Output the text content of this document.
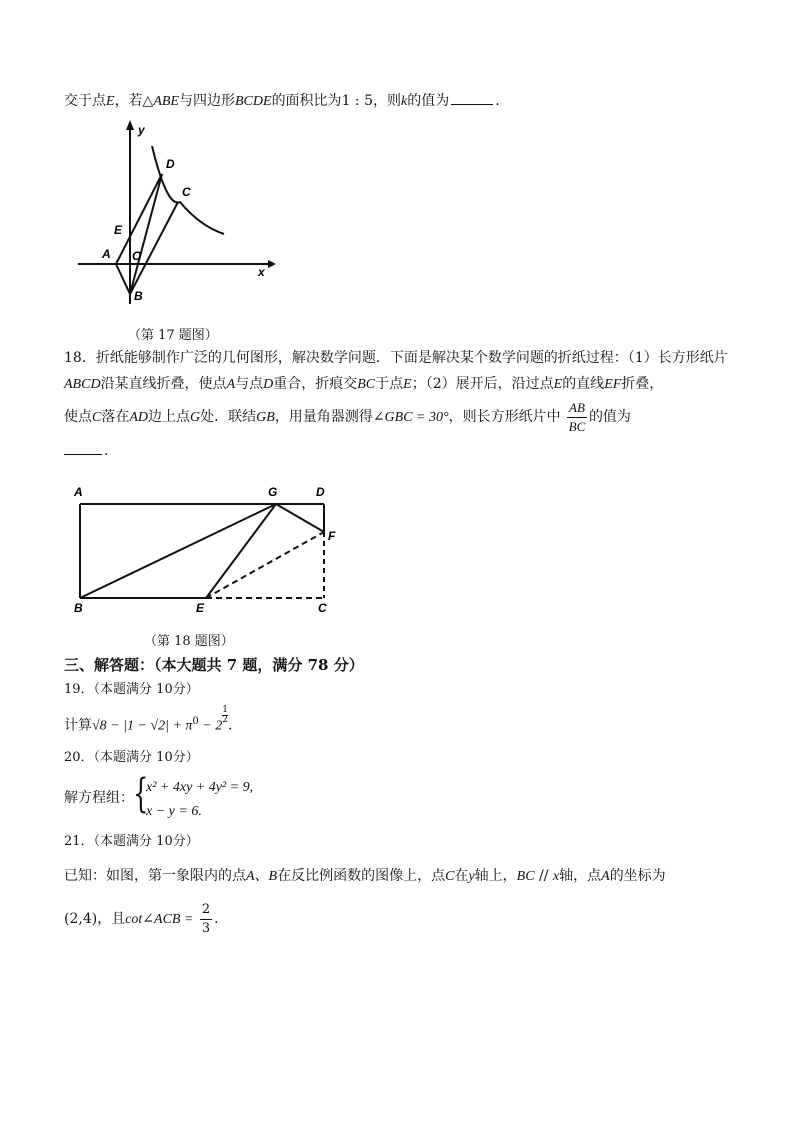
交于点E，若△ABE与四边形BCDE的面积比为1 : 5，则k的值为	.
y
x
D
C
E
A O
B
（第 17 题图）
18．折纸能够制作广泛的几何图形，解决数学问题．下面是解决某个数学问题的折纸过程：（1）长方形纸片
ABCD沿某直线折叠，使点A与点D重合，折痕交BC于点E；（2）展开后，沿过点E的直线EF折叠，
使点C落在AD边上点G处．联结GB，用量角器测得∠GBC = 30°，则长方形纸片中 $\frac{AB}{BC}$ 的值为
.
A	G	D
F
B	E	C
（第 18 题图）
三、解答题：（本大题共 7 题，满分 78 分）
19．（本题满分 10分）
计算$√8 - |1 - √2| + \pi^0 - 2$
$^{\frac{1}{2}}$
．
20．（本题满分 10分）
解方程组： {
x² + 4xy + 4y² = 9,
x − y = 6.
21．（本题满分 10分）
已知：如图，第一象限内的点A、B在反比例函数的图像上，点C在y轴上，BC // x轴，点A的坐标为
(2,4)，且cot∠ACB = $\frac{2}{3}$ .
